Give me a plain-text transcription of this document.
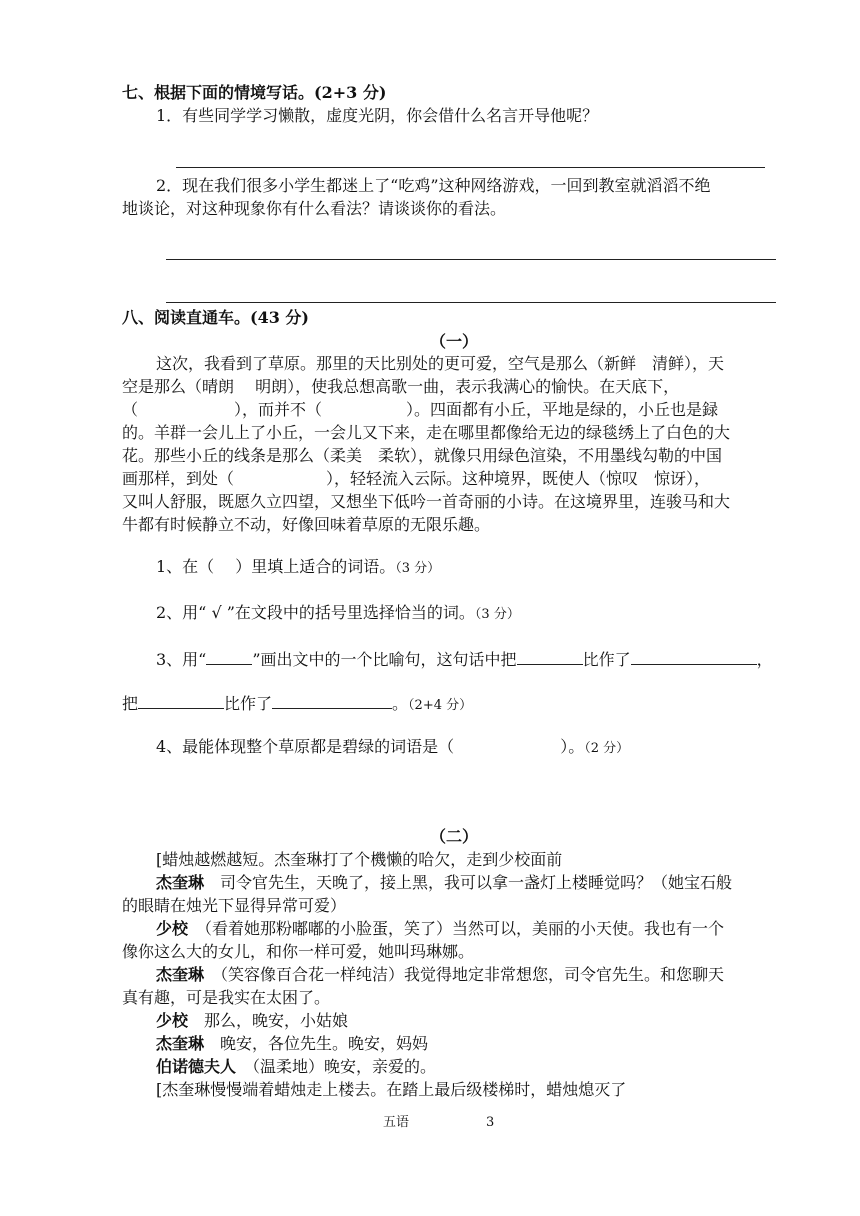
七、根据下面的情境写话。(2+3 分)
1．有些同学学习懒散，虚度光阴，你会借什么名言开导他呢？
2．现在我们很多小学生都迷上了“吃鸡”这种网络游戏，一回到教室就滔滔不绝
地谈论，对这种现象你有什么看法？请谈谈你的看法。
八、阅读直通车。(43 分)
（一）
这次，我看到了草原。那里的天比别处的更可爱，空气是那么（新鲜　清鲜），天
空是那么（晴朗　 明朗），使我总想高歌一曲，表示我满心的愉快。在天底下，
（	），而并不（	）。四面都有小丘，平地是绿的，小丘也是録
的。羊群一会儿上了小丘，一会儿又下来，走在哪里都像给无边的绿毯绣上了白色的大
花。那些小丘的线条是那么（柔美　柔软），就像只用绿色渲染，不用墨线勾勒的中国
画那样，到处（	），轻轻流入云际。这种境界，既使人（惊叹　惊讶），
又叫人舒服，既愿久立四望，又想坐下低吟一首奇丽的小诗。在这境界里，连骏马和大
牛都有时候静立不动，好像回味着草原的无限乐趣。
1、在（　 ）里填上适合的词语。（3 分）
2、用“ √ ”在文段中的括号里选择恰当的词。（3 分）
3、用“	”画出文中的一个比喻句，这句话中把	比作了	，
把	比作了	。（2+4 分）
4、最能体现整个草原都是碧绿的词语是（	）。（2 分）
（二）
[蜡烛越燃越短。杰奎琳打了个機懒的哈欠，走到少校面前
杰奎琳　司令官先生，天晚了，接上黑，我可以拿一盏灯上楼睡觉吗？（她宝石般
的眼睛在烛光下显得异常可爱）
少校　（看着她那粉嘟嘟的小脸蛋，笑了）当然可以，美丽的小天使。我也有一个
像你这么大的女儿，和你一样可爱，她叫玛琳娜。
杰奎琳　（笑容像百合花一样纯洁）我觉得地定非常想您，司令官先生。和您聊天
真有趣，可是我实在太困了。
少校　那么，晚安，小姑娘
杰奎琳　晚安，各位先生。晚安，妈妈
伯诺德夫人　（温柔地）晚安，亲爱的。
[杰奎琳慢慢端着蜡烛走上楼去。在踏上最后级楼梯时，蜡烛熄灭了
五语	3
